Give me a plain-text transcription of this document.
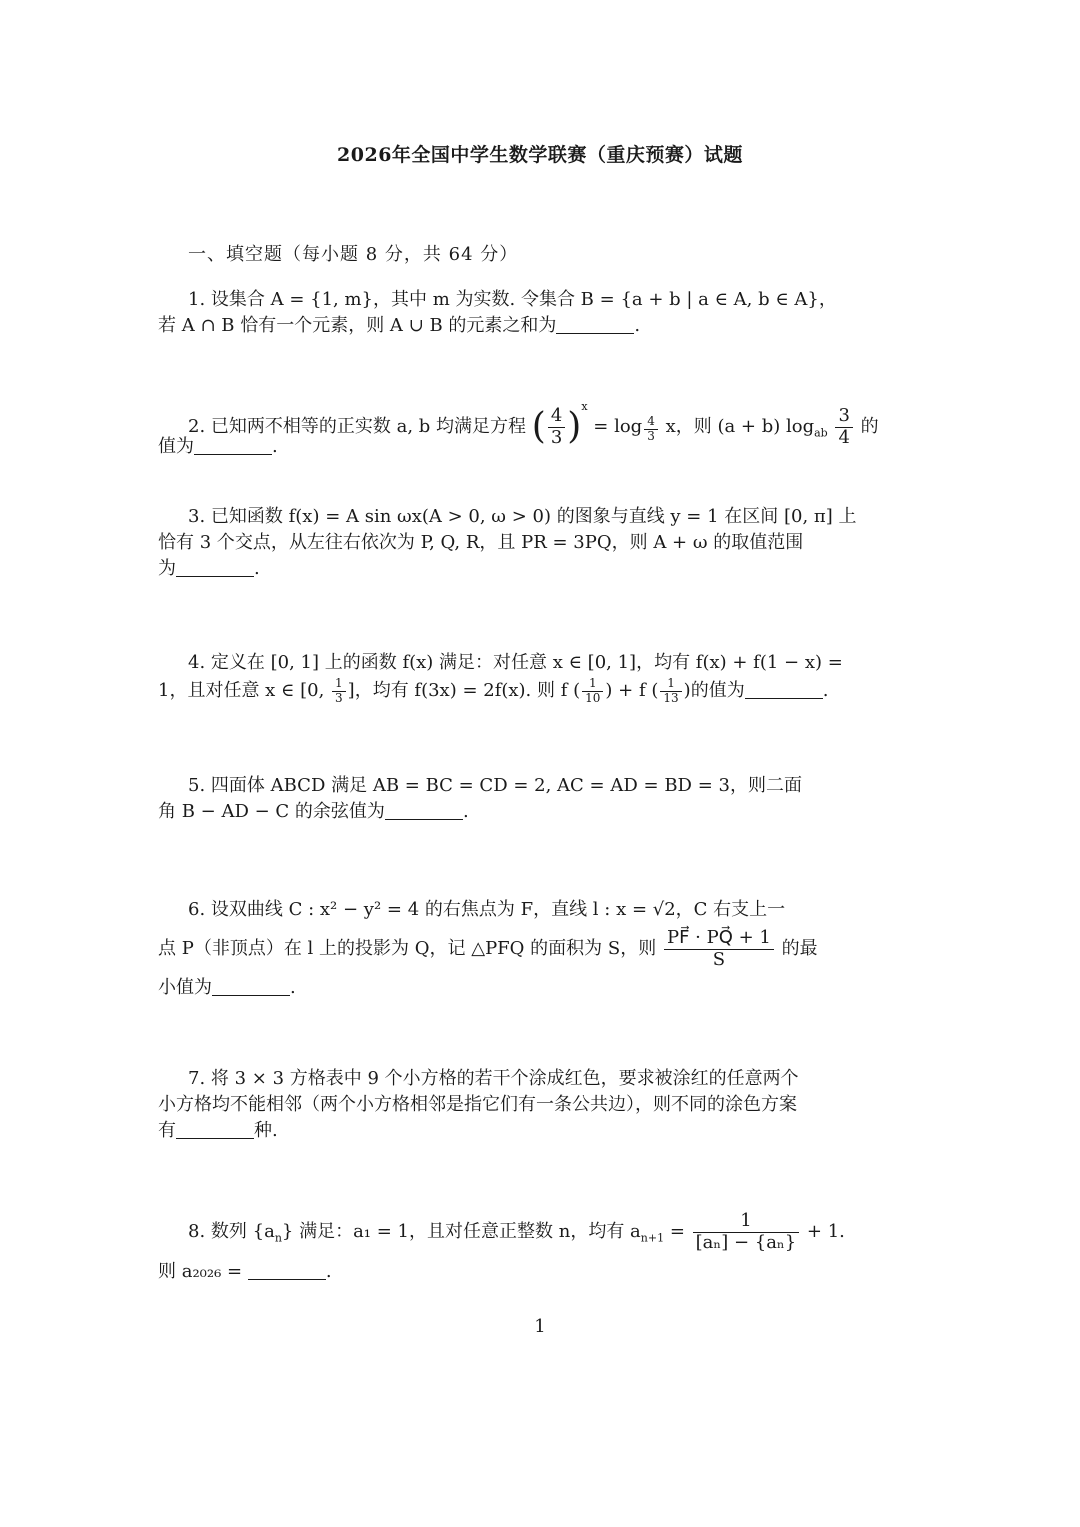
2026年全国中学生数学联赛（重庆预赛）试题
一、填空题（每小题 8 分，共 64 分）
1. 设集合 A = {1, m}，其中 m 为实数. 令集合 B = {a + b | a ∈ A, b ∈ A}，
若 A ∩ B 恰有一个元素，则 A ∪ B 的元素之和为	.
2. 已知两不相等的正实数 a, b 均满足方程 ( $\frac{4}{3} )^x = \log \frac{4}{3}$ x，则 (a + b) $\log_{ab} \frac{3}{4}$ 的
值为	.
3. 已知函数 f(x) = A sin ωx(A > 0, ω > 0) 的图象与直线 y = 1 在区间 [0, π] 上
恰有 3 个交点，从左往右依次为 P, Q, R，且 PR = 3PQ，则 A + ω 的取值范围
为	.
4. 定义在 [0, 1] 上的函数 f(x) 满足：对任意 x ∈ [0, 1]，均有 f(x) + f(1 − x) =
1，且对任意 x ∈ [0, $\frac{1}{3}$ ]，均有 f(3x) = 2f(x). 则 f ( $\frac{1}{10}$ ) + f ( $\frac{1}{13}$ )的值为	.
5. 四面体 ABCD 满足 AB = BC = CD = 2, AC = AD = BD = 3，则二面
角 B − AD − C 的余弦值为	.
6. 设双曲线 C : x² − y² = 4 的右焦点为 F，直线 l : x = √2，C 右支上一
点 P（非顶点）在 l 上的投影为 Q，记 △PFQ 的面积为 S，则 $\frac{PF⃗ \cdot PQ⃗ + 1}{S}$ 的最
小值为	.
7. 将 3 × 3 方格表中 9 个小方格的若干个涂成红色，要求被涂红的任意两个
小方格均不能相邻（两个小方格相邻是指它们有一条公共边），则不同的涂色方案
有	种.
8. 数列 $\{a_n\}$ 满足：a₁ = 1，且对任意正整数 n，均有 $a_{n+1} = \frac{1}{\text{[aₙ] − \{aₙ\}}} + 1$.
则 a₂₀₂₆ =	.
1
